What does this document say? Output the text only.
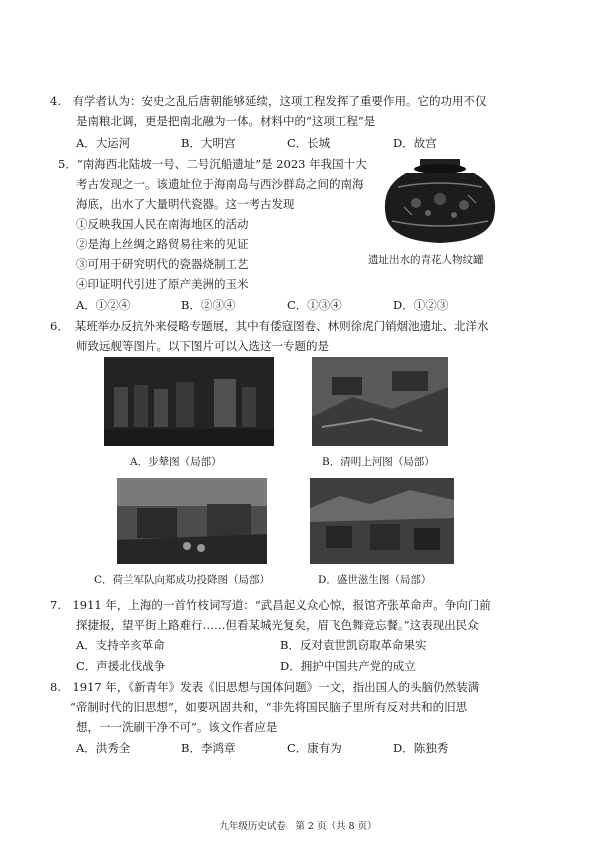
4.　有学者认为：安史之乱后唐朝能够延续，这项工程发挥了重要作用。它的功用不仅
是南粮北调，更是把南北融为一体。材料中的“这项工程”是
A．大运河	B．大明宫	C．长城	D．故宫
5．“南海西北陆坡一号、二号沉船遗址”是 2023 年我国十大
考古发现之一。该遗址位于海南岛与西沙群岛之间的南海
海底，出水了大量明代瓷器。这一考古发现
①反映我国人民在南海地区的活动
②是海上丝绸之路贸易往来的见证
③可用于研究明代的瓷器烧制工艺
④印证明代引进了原产美洲的玉米
A．①②④	B．②③④	C．①③④	D．①②③
遗址出水的青花人物纹罐
6．　某班举办反抗外来侵略专题展，其中有倭寇图卷、林则徐虎门销烟池遗址、北洋水
师致远舰等图片。以下图片可以入选这一专题的是
A．步辇图（局部）	B．清明上河图（局部）
C．荷兰军队向郑成功投降图（局部）	D．盛世滋生图（局部）
7.　1911 年，上海的一首竹枝词写道：“武昌起义众心惊，报馆齐张革命声。争向门前
探捷报，望平街上路难行……但看某城光复矣，眉飞色舞竞忘餐。”这表现出民众
A．支持辛亥革命	B．反对袁世凯窃取革命果实
C．声援北伐战争	D．拥护中国共产党的成立
8.　1917 年，《新青年》发表《旧思想与国体问题》一文，指出国人的头脑仍然装满
“帝制时代的旧思想”，如要巩固共和，“非先将国民脑子里所有反对共和的旧思
想，一一洗刷干净不可”。该文作者应是
A．洪秀全	B．李鸿章	C．康有为	D．陈独秀
九年级历史试卷　第 2 页（共 8 页）
